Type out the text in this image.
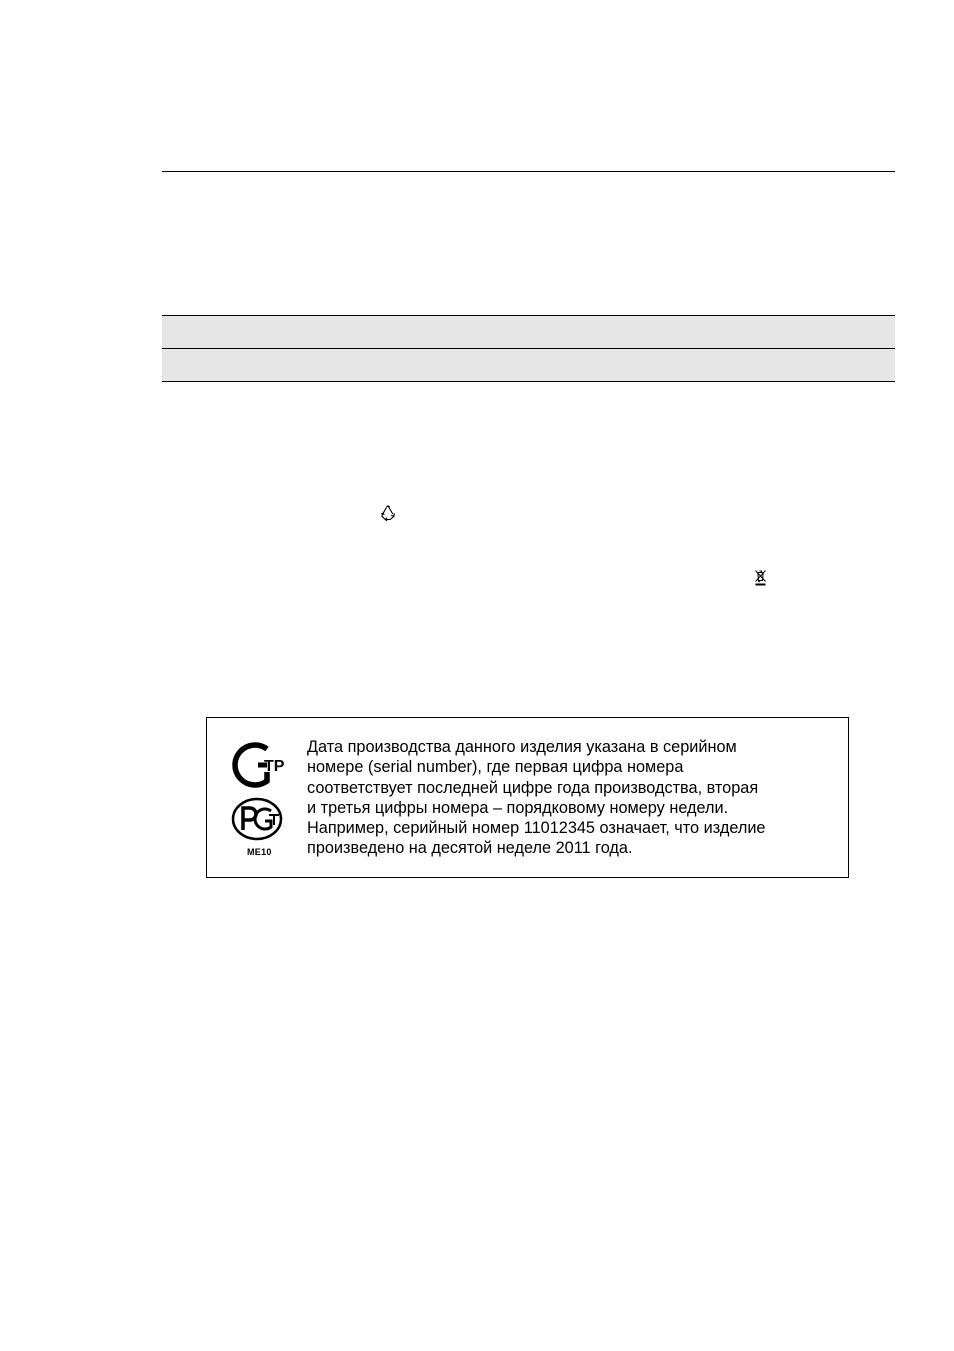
TP
ME10

Дата производства данного изделия указана в серийном
номере (serial number), где первая цифра номера
соответствует последней цифре года производства, вторая
и третья цифры номера – порядковому номеру недели.
Например, серийный номер 11012345 означает, что изделие
произведено на десятой неделе 2011 года.
